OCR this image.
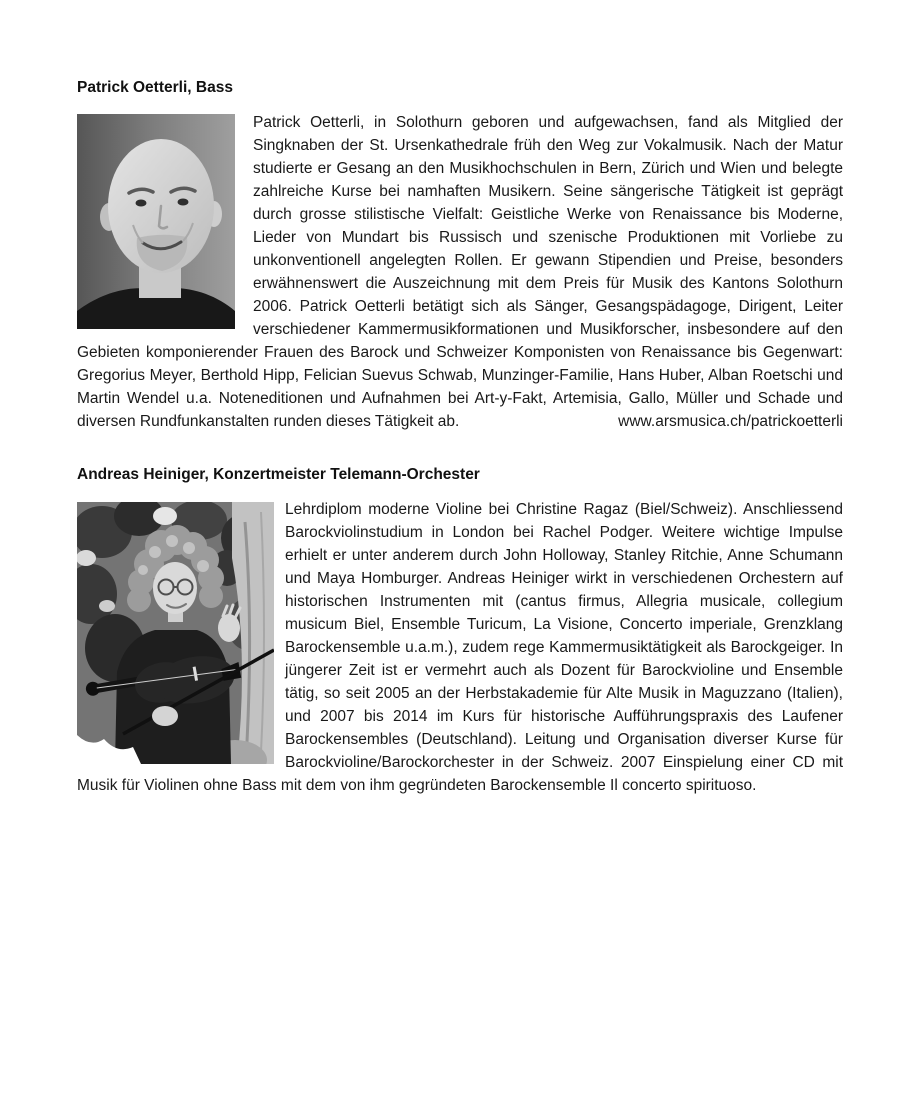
Patrick Oetterli, Bass

Patrick Oetterli, in Solothurn geboren und aufgewachsen, fand als Mitglied der Singknaben der St. Ursenkathedrale früh den Weg zur Vokalmusik. Nach der Matur studierte er Gesang an den Musikhochschulen in Bern, Zürich und Wien und belegte zahlreiche Kurse bei namhaften Musikern. Seine sängerische Tätigkeit ist geprägt durch grosse stilistische Vielfalt: Geistliche Werke von Renaissance bis Moderne, Lieder von Mundart bis Russisch und szenische Produktionen mit Vorliebe zu unkonventionell angelegten Rollen. Er gewann Stipendien und Preise, besonders erwähnenswert die Auszeichnung mit dem Preis für Musik des Kantons Solothurn 2006. Patrick Oetterli betätigt sich als Sänger, Gesangspädagoge, Dirigent, Leiter verschiedener Kammermusikformationen und Musikforscher, insbesondere auf den Gebieten komponierender Frauen des Barock und Schweizer Komponisten von Renaissance bis Gegenwart: Gregorius Meyer, Berthold Hipp, Felician Suevus Schwab, Munzinger-Familie, Hans Huber, Alban Roetschi und Martin Wendel u.a. Noteneditionen und Aufnahmen bei Art-y-Fakt, Artemisia, Gallo, Müller und Schade und diversen Rundfunkanstalten runden dieses Tätigkeit ab.	www.arsmusica.ch/patrickoetterli

Andreas Heiniger, Konzertmeister Telemann-Orchester

Lehrdiplom moderne Violine bei Christine Ragaz (Biel/Schweiz). Anschliessend Barockviolinstudium in London bei Rachel Podger. Weitere wichtige Impulse erhielt er unter anderem durch John Holloway, Stanley Ritchie, Anne Schumann und Maya Homburger. Andreas Heiniger wirkt in verschiedenen Orchestern auf historischen Instrumenten mit (cantus firmus, Allegria musicale, collegium musicum Biel, Ensemble Turicum, La Visione, Concerto imperiale, Grenzklang Barockensemble u.a.m.), zudem rege Kammermusiktätigkeit als Barockgeiger. In jüngerer Zeit ist er vermehrt auch als Dozent für Barockvioline und Ensemble tätig, so seit 2005 an der Herbstakademie für Alte Musik in Maguzzano (Italien), und 2007 bis 2014 im Kurs für historische Aufführungspraxis des Laufener Barockensembles (Deutschland). Leitung und Organisation diverser Kurse für Barockvioline/Barockorchester in der Schweiz. 2007 Einspielung einer CD mit Musik für Violinen ohne Bass mit dem von ihm gegründeten Barockensemble Il concerto spirituoso.
